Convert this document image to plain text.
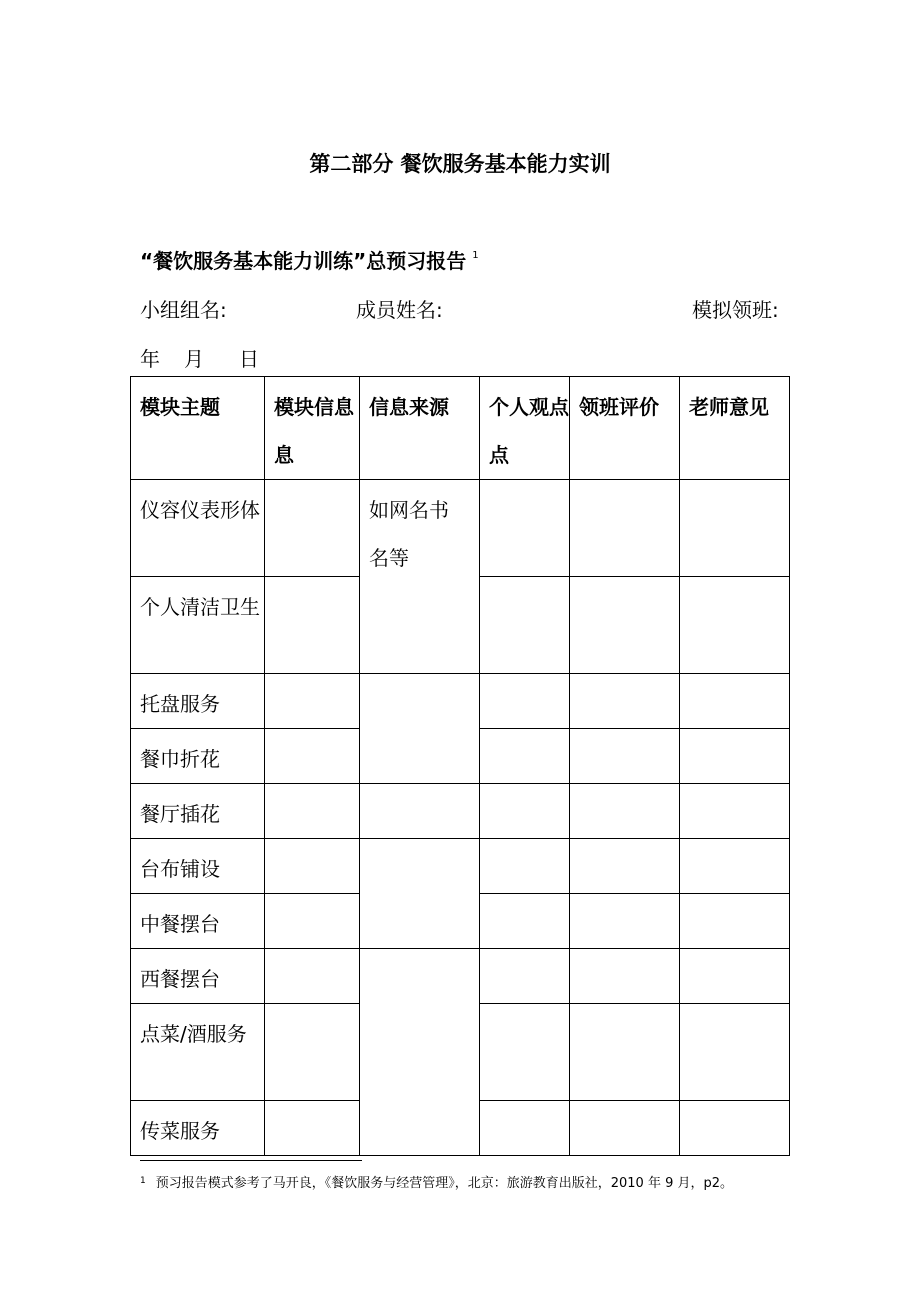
第二部分 餐饮服务基本能力实训
“餐饮服务基本能力训练”总预习报告 $^1$
小组组名:	成员姓名:	模拟领班:
年 月 日
模块主题	模块信息息	信息来源	个人观点点	领班评价	老师意见

仪容仪表形体		如网名书名等			

个人清洁卫生					

托盘服务					

餐巾折花					

餐厅插花					

台布铺设					

中餐摆台					

西餐摆台					

点菜/酒服务					

传菜服务					

$^1$ 预习报告模式参考了马开良，《餐饮服务与经营管理》，北京：旅游教育出版社，2010 年 9 月，p2。
